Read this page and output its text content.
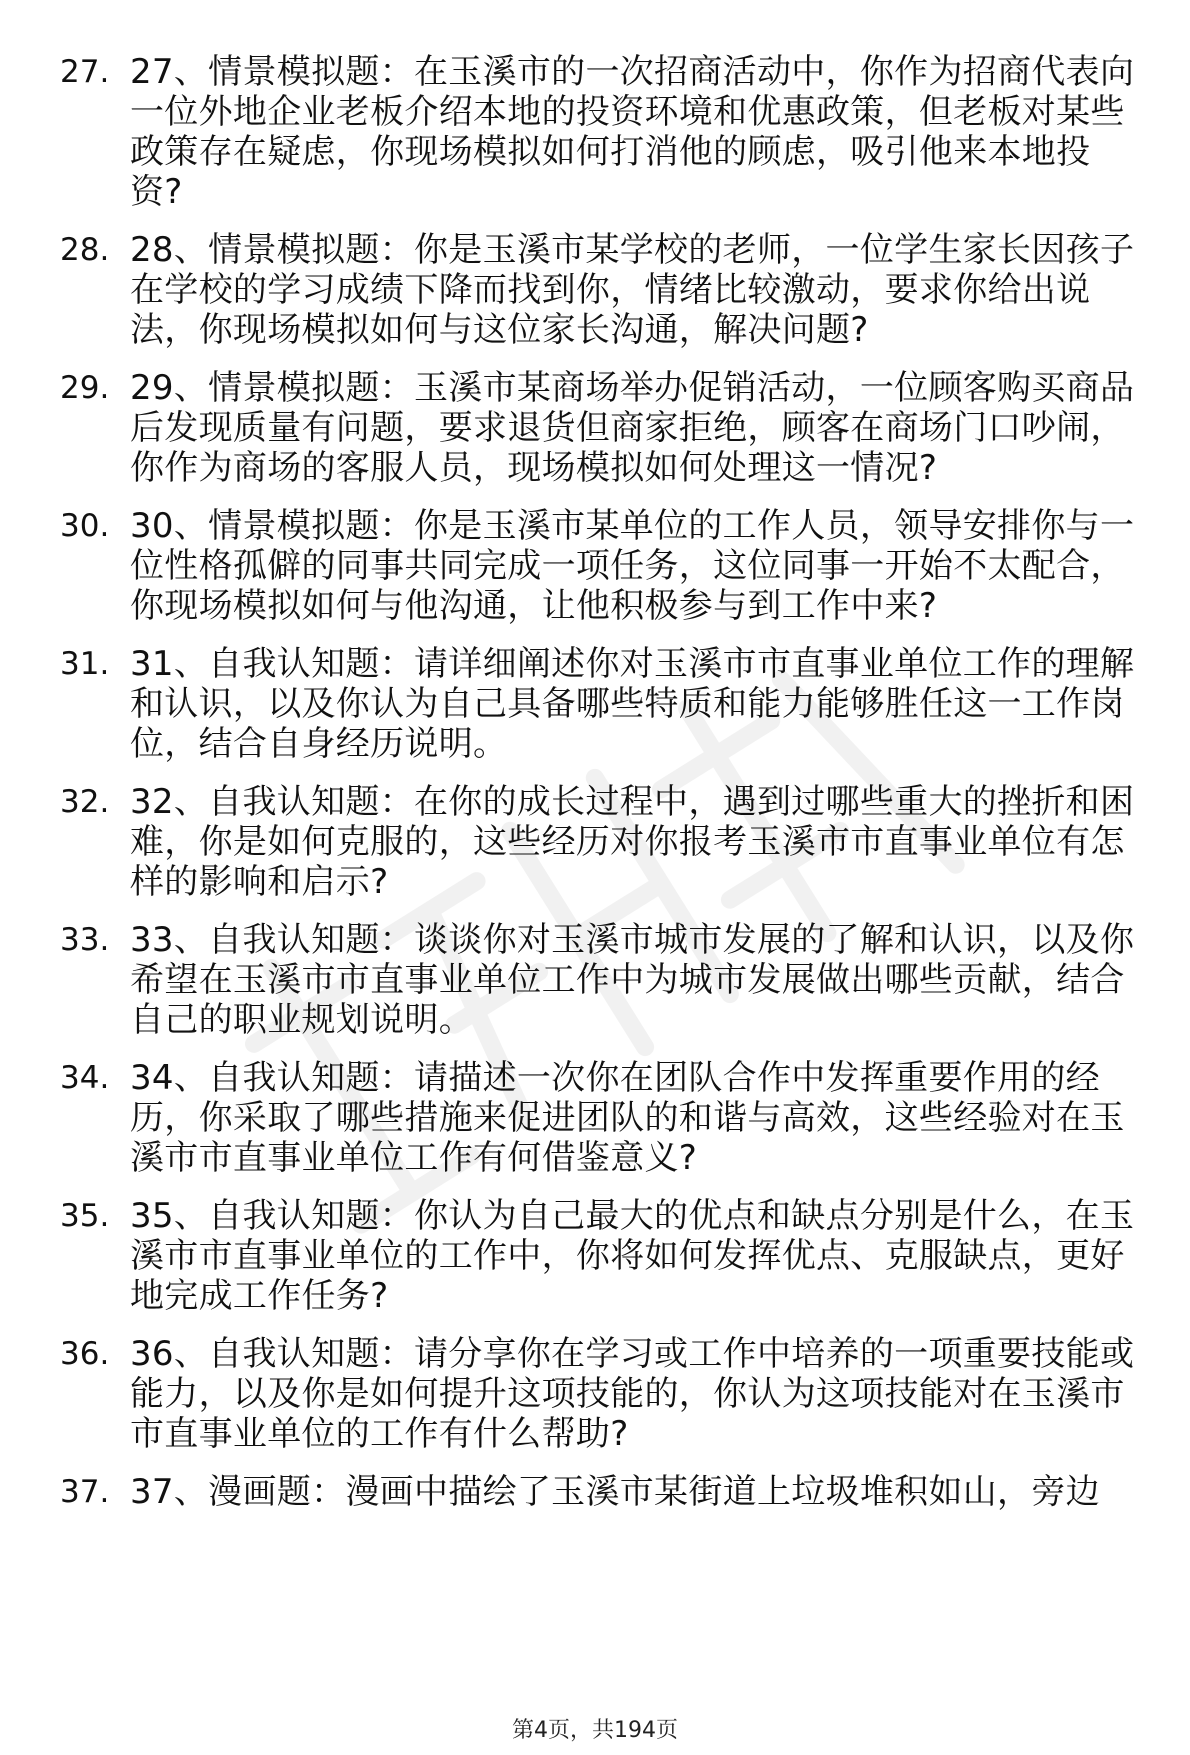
27. 27、情景模拟题：在玉溪市的一次招商活动中，你作为招商代表向一位外地企业老板介绍本地的投资环境和优惠政策，但老板对某些政策存在疑虑，你现场模拟如何打消他的顾虑，吸引他来本地投资?
28. 28、情景模拟题：你是玉溪市某学校的老师，一位学生家长因孩子在学校的学习成绩下降而找到你，情绪比较激动，要求你给出说法，你现场模拟如何与这位家长沟通，解决问题?
29. 29、情景模拟题：玉溪市某商场举办促销活动，一位顾客购买商品后发现质量有问题，要求退货但商家拒绝，顾客在商场门口吵闹，你作为商场的客服人员，现场模拟如何处理这一情况?
30. 30、情景模拟题：你是玉溪市某单位的工作人员，领导安排你与一位性格孤僻的同事共同完成一项任务，这位同事一开始不太配合，你现场模拟如何与他沟通，让他积极参与到工作中来?
31. 31、自我认知题：请详细阐述你对玉溪市市直事业单位工作的理解和认识，以及你认为自己具备哪些特质和能力能够胜任这一工作岗位，结合自身经历说明。
32. 32、自我认知题：在你的成长过程中，遇到过哪些重大的挫折和困难，你是如何克服的，这些经历对你报考玉溪市市直事业单位有怎样的影响和启示?
33. 33、自我认知题：谈谈你对玉溪市城市发展的了解和认识，以及你希望在玉溪市市直事业单位工作中为城市发展做出哪些贡献，结合自己的职业规划说明。
34. 34、自我认知题：请描述一次你在团队合作中发挥重要作用的经历，你采取了哪些措施来促进团队的和谐与高效，这些经验对在玉溪市市直事业单位工作有何借鉴意义?
35. 35、自我认知题：你认为自己最大的优点和缺点分别是什么，在玉溪市市直事业单位的工作中，你将如何发挥优点、克服缺点，更好地完成工作任务?
36. 36、自我认知题：请分享你在学习或工作中培养的一项重要技能或能力，以及你是如何提升这项技能的，你认为这项技能对在玉溪市市直事业单位的工作有什么帮助?
37. 37、漫画题：漫画中描绘了玉溪市某街道上垃圾堆积如山，旁边
第4页，共194页
